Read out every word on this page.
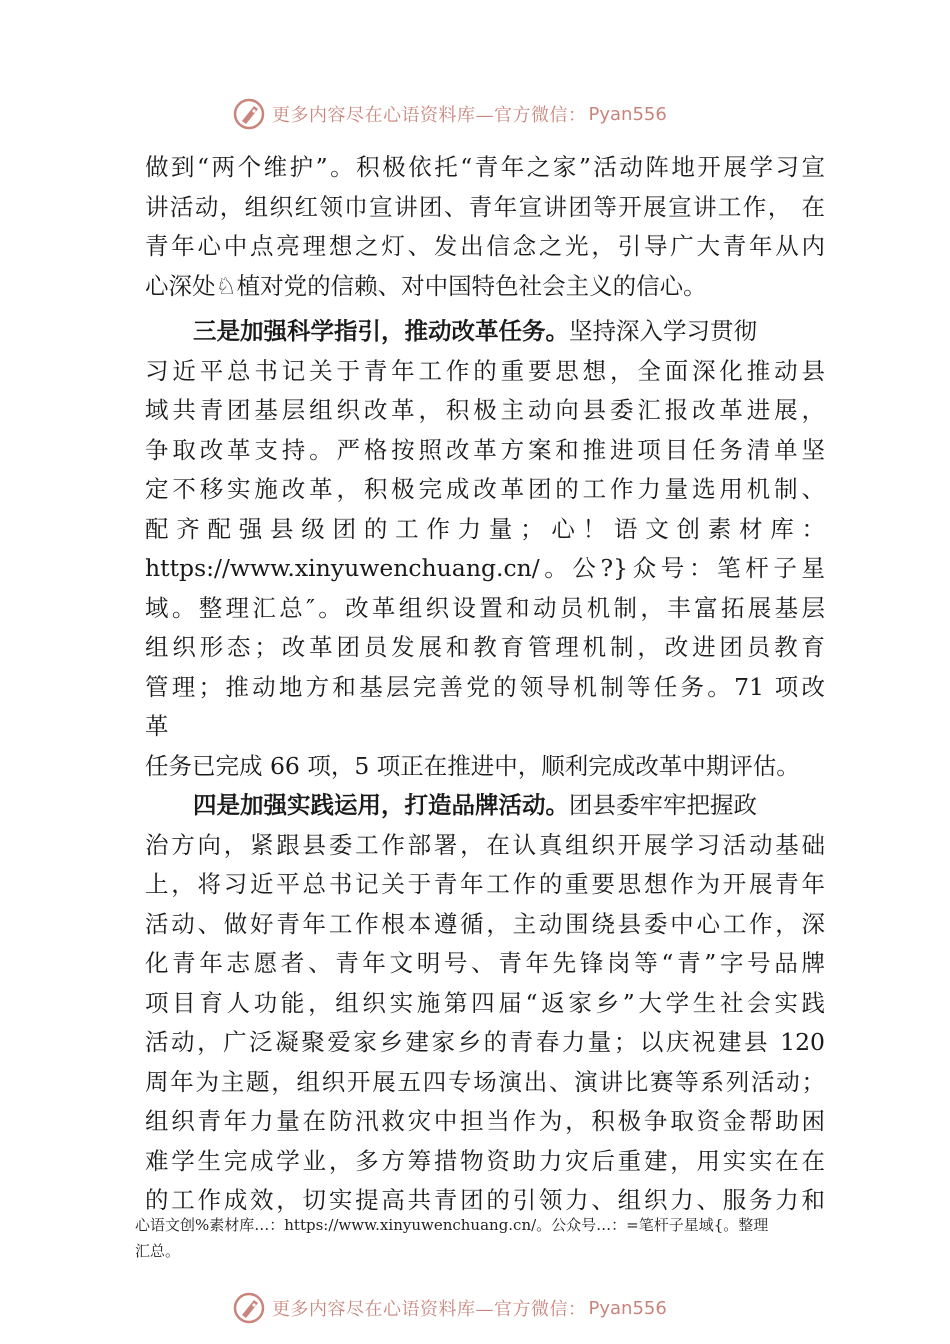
更多内容尽在心语资料库—官方微信： Pyan556
做到“两个维护”。积极依托“青年之家”活动阵地开展学习宣
讲活动，组织红领巾宣讲团、青年宣讲团等开展宣讲工作， 在
青年心中点亮理想之灯、发出信念之光，引导广大青年从内
心深处♘植对党的信赖、对中国特色社会主义的信心。
三是加强科学指引，推动改革任务。坚持深入学习贯彻
习近平总书记关于青年工作的重要思想，全面深化推动县
域共青团基层组织改革，积极主动向县委汇报改革进展，
争取改革支持。严格按照改革方案和推进项目任务清单坚
定不移实施改革，积极完成改革团的工作力量选用机制、
配齐配强县级团的工作力量；心！语文创素材库：
https://www.xinyuwenchuang.cn/。公?}众号：笔杆子星
域。整理汇总″。改革组织设置和动员机制，丰富拓展基层
组织形态；改革团员发展和教育管理机制，改进团员教育
管理；推动地方和基层完善党的领导机制等任务。71 项改
革
任务已完成 66 项，5 项正在推进中，顺利完成改革中期评估。
四是加强实践运用，打造品牌活动。团县委牢牢把握政
治方向，紧跟县委工作部署，在认真组织开展学习活动基础
上，将习近平总书记关于青年工作的重要思想作为开展青年
活动、做好青年工作根本遵循，主动围绕县委中心工作，深
化青年志愿者、青年文明号、青年先锋岗等“青”字号品牌
项目育人功能，组织实施第四届“返家乡”大学生社会实践
活动，广泛凝聚爱家乡建家乡的青春力量；以庆祝建县 120
周年为主题，组织开展五四专场演出、演讲比赛等系列活动；
组织青年力量在防汛救灾中担当作为，积极争取资金帮助困
难学生完成学业，多方筹措物资助力灾后重建，用实实在在
的工作成效，切实提高共青团的引领力、组织力、服务力和
心语文创%素材库…：https://www.xinyuwenchuang.cn/。公众号…：=笔杆子星域{。整理
汇总。
更多内容尽在心语资料库—官方微信： Pyan556
